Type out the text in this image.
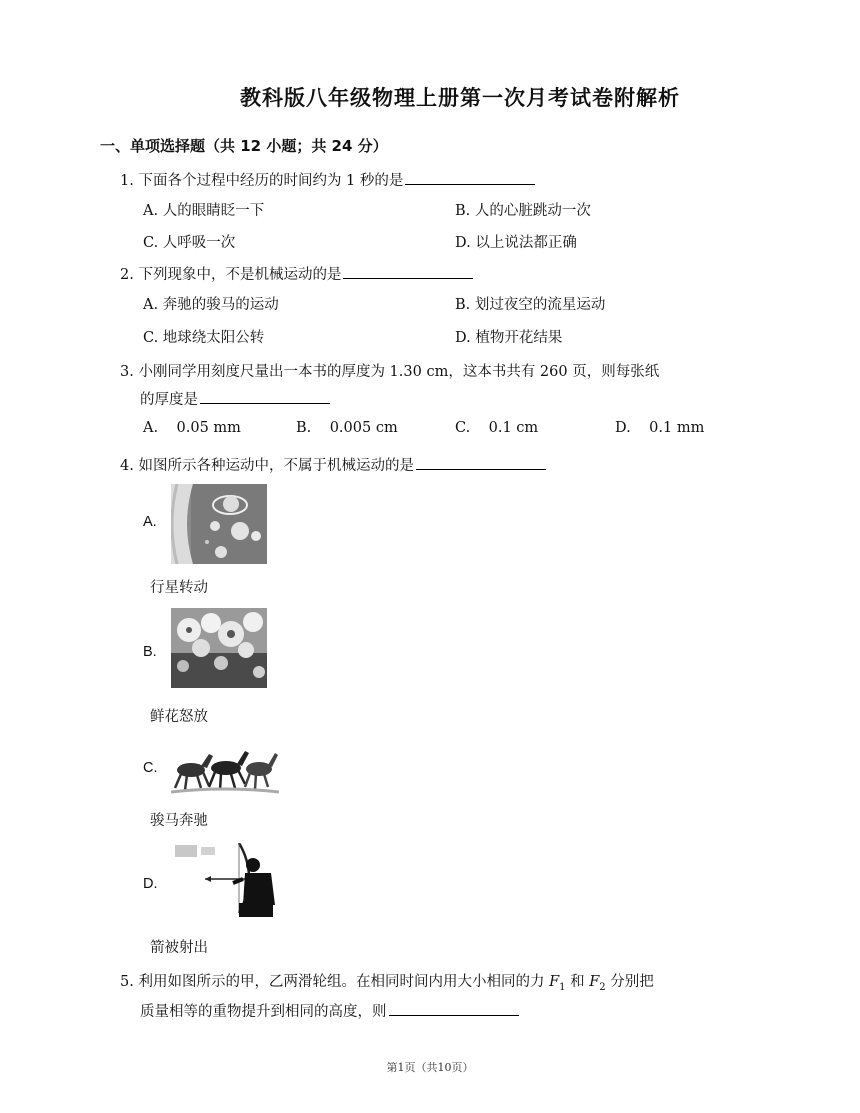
教科版八年级物理上册第一次月考试卷附解析
一、单项选择题（共 12 小题；共 24 分）
1. 下面各个过程中经历的时间约为 1 秒的是
A. 人的眼睛眨一下	B. 人的心脏跳动一次
C. 人呼吸一次	D. 以上说法都正确
2. 下列现象中，不是机械运动的是
A. 奔驰的骏马的运动	B. 划过夜空的流星运动
C. 地球绕太阳公转	D. 植物开花结果
3. 小刚同学用刻度尺量出一本书的厚度为 1.30 cm，这本书共有 260 页，则每张纸
的厚度是
A. 0.05 mm	B. 0.005 cm	C. 0.1 cm	D. 0.1 mm
4. 如图所示各种运动中，不属于机械运动的是
A.
行星转动
B.
鲜花怒放
C.
骏马奔驰
D.
箭被射出
5. 利用如图所示的甲，乙两滑轮组。在相同时间内用大小相同的力 $F_1$ 和 $F_2$ 分别把
质量相等的重物提升到相同的高度，则
第1页（共10页）
